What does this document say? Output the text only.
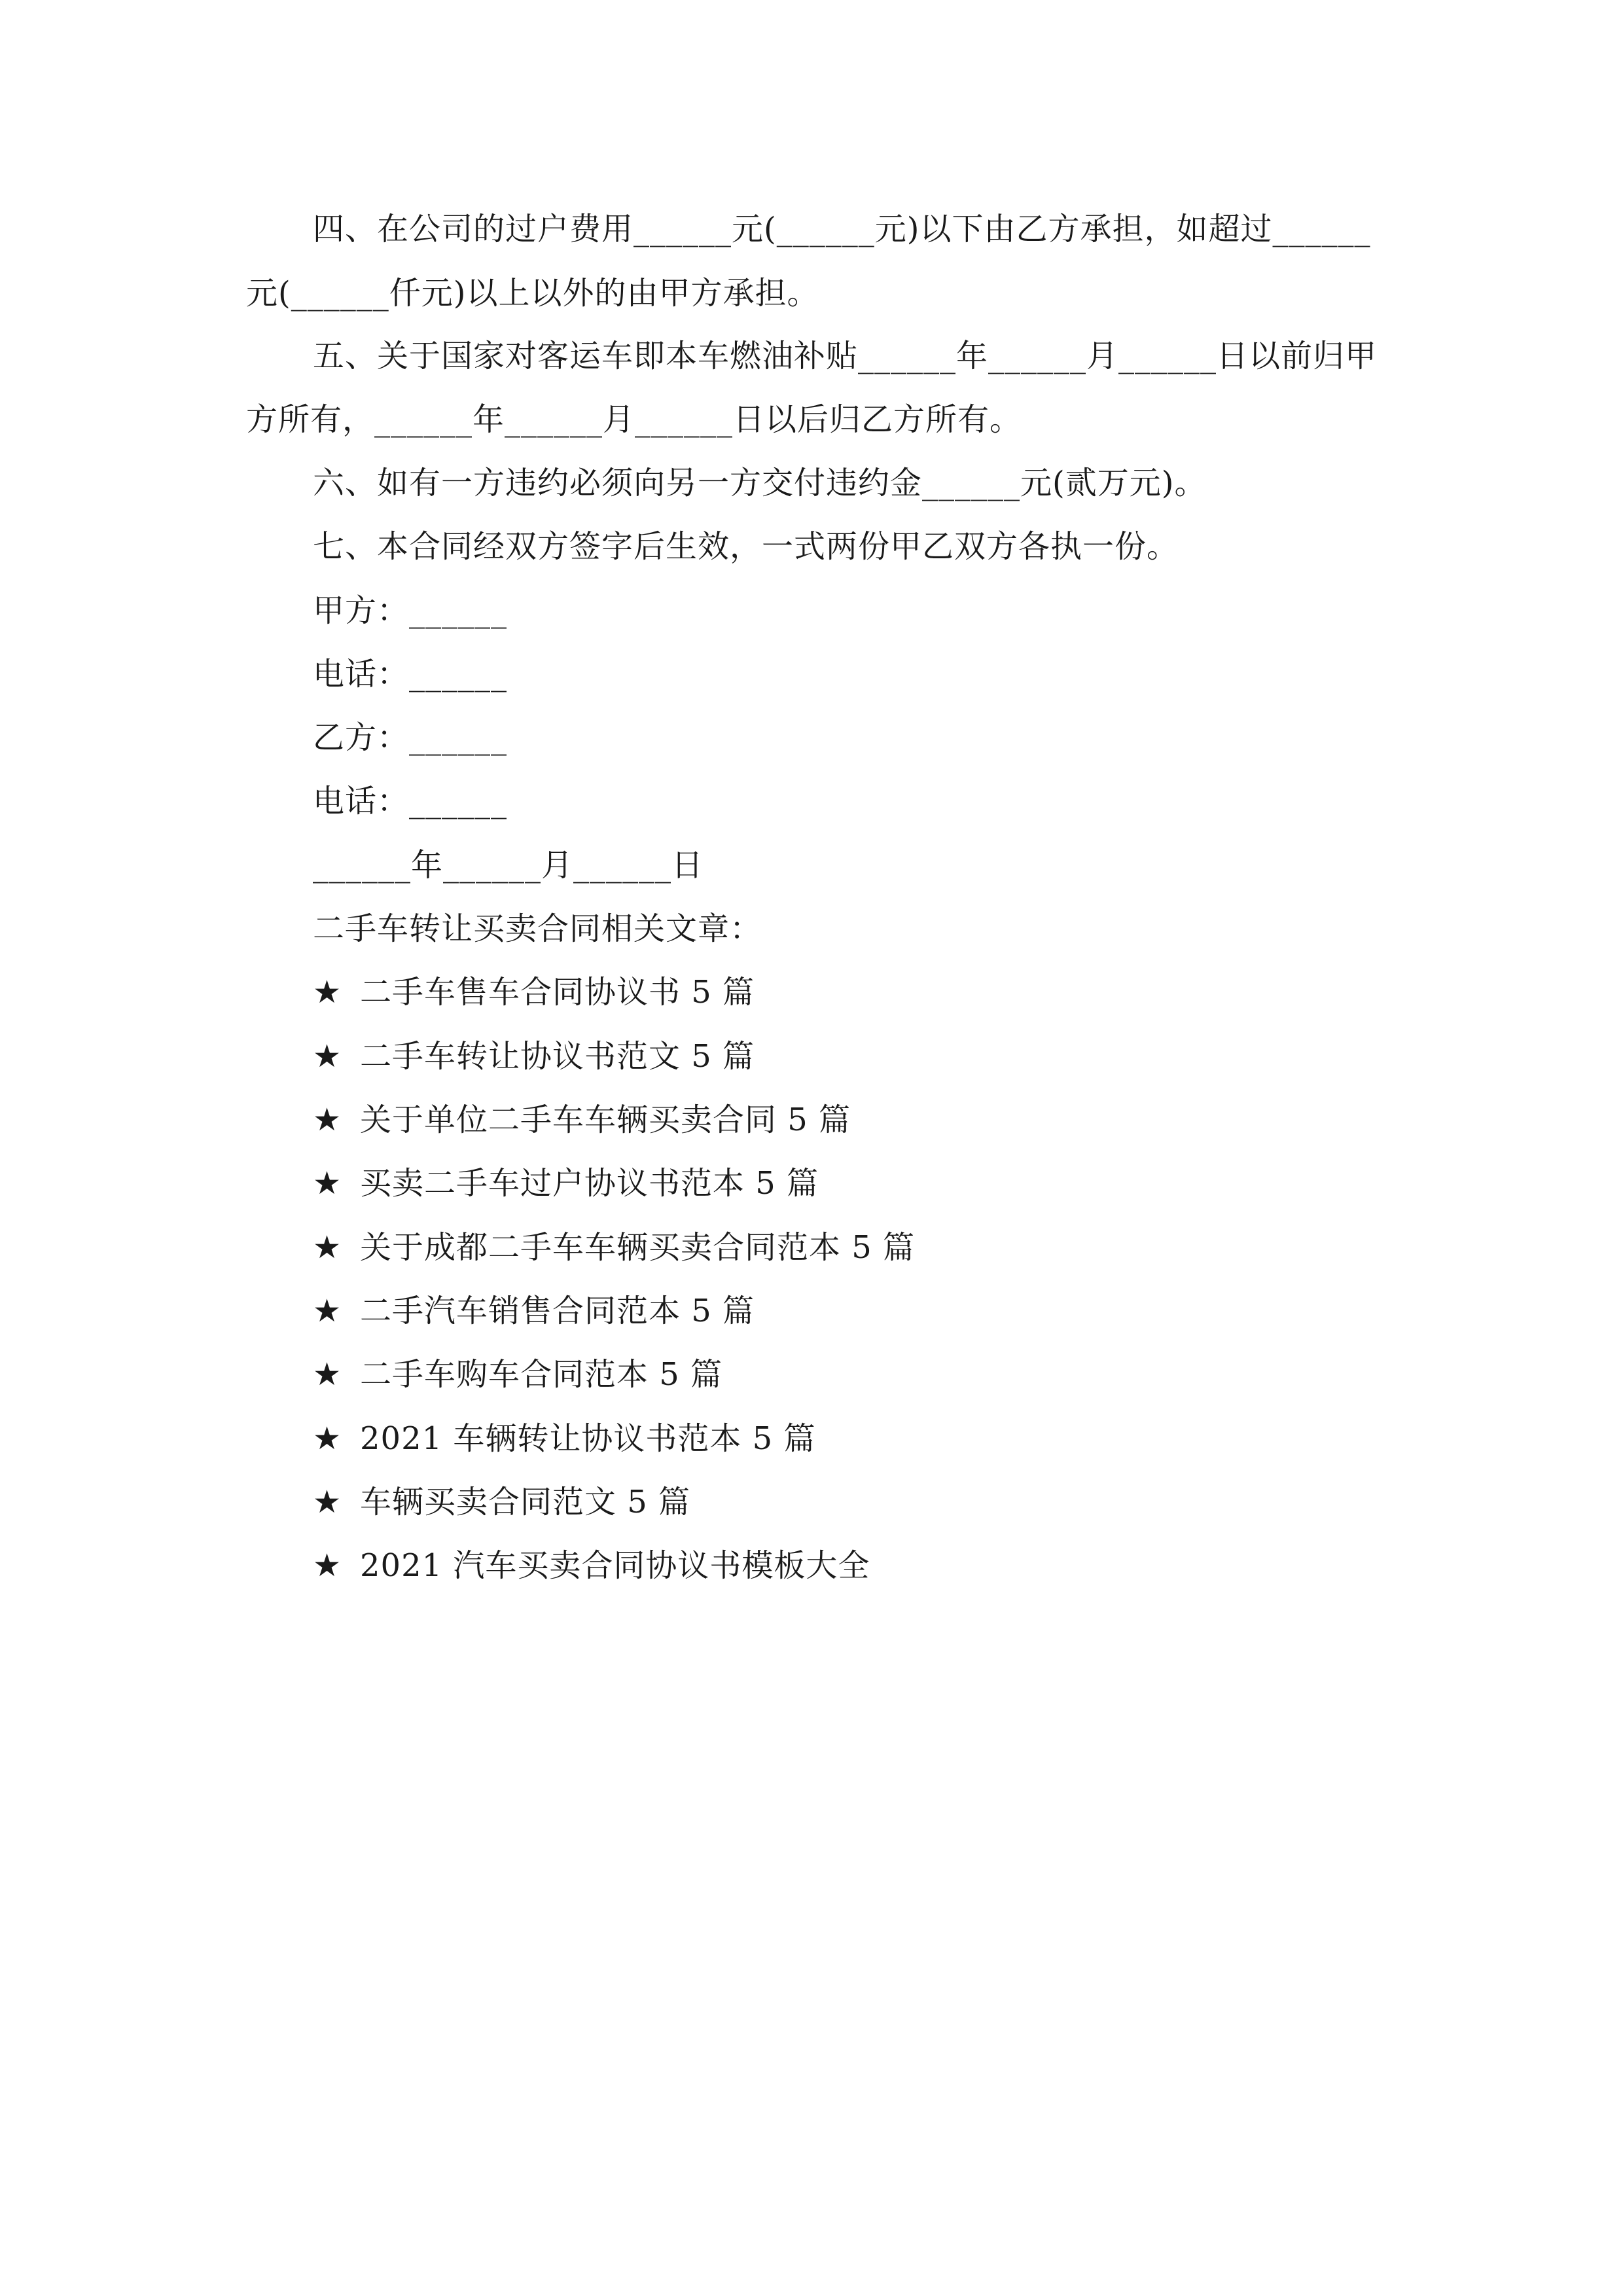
四、在公司的过户费用______元(______元)以下由乙方承担，如超过______
元(______仟元)以上以外的由甲方承担。
五、关于国家对客运车即本车燃油补贴______年______月______日以前归甲
方所有，______年______月______日以后归乙方所有。
六、如有一方违约必须向另一方交付违约金______元(贰万元)。
七、本合同经双方签字后生效，一式两份甲乙双方各执一份。
甲方：______
电话：______
乙方：______
电话：______
______年______月______日
二手车转让买卖合同相关文章：
★ 二手车售车合同协议书 5 篇
★ 二手车转让协议书范文 5 篇
★ 关于单位二手车车辆买卖合同 5 篇
★ 买卖二手车过户协议书范本 5 篇
★ 关于成都二手车车辆买卖合同范本 5 篇
★ 二手汽车销售合同范本 5 篇
★ 二手车购车合同范本 5 篇
★ 2021 车辆转让协议书范本 5 篇
★ 车辆买卖合同范文 5 篇
★ 2021 汽车买卖合同协议书模板大全
